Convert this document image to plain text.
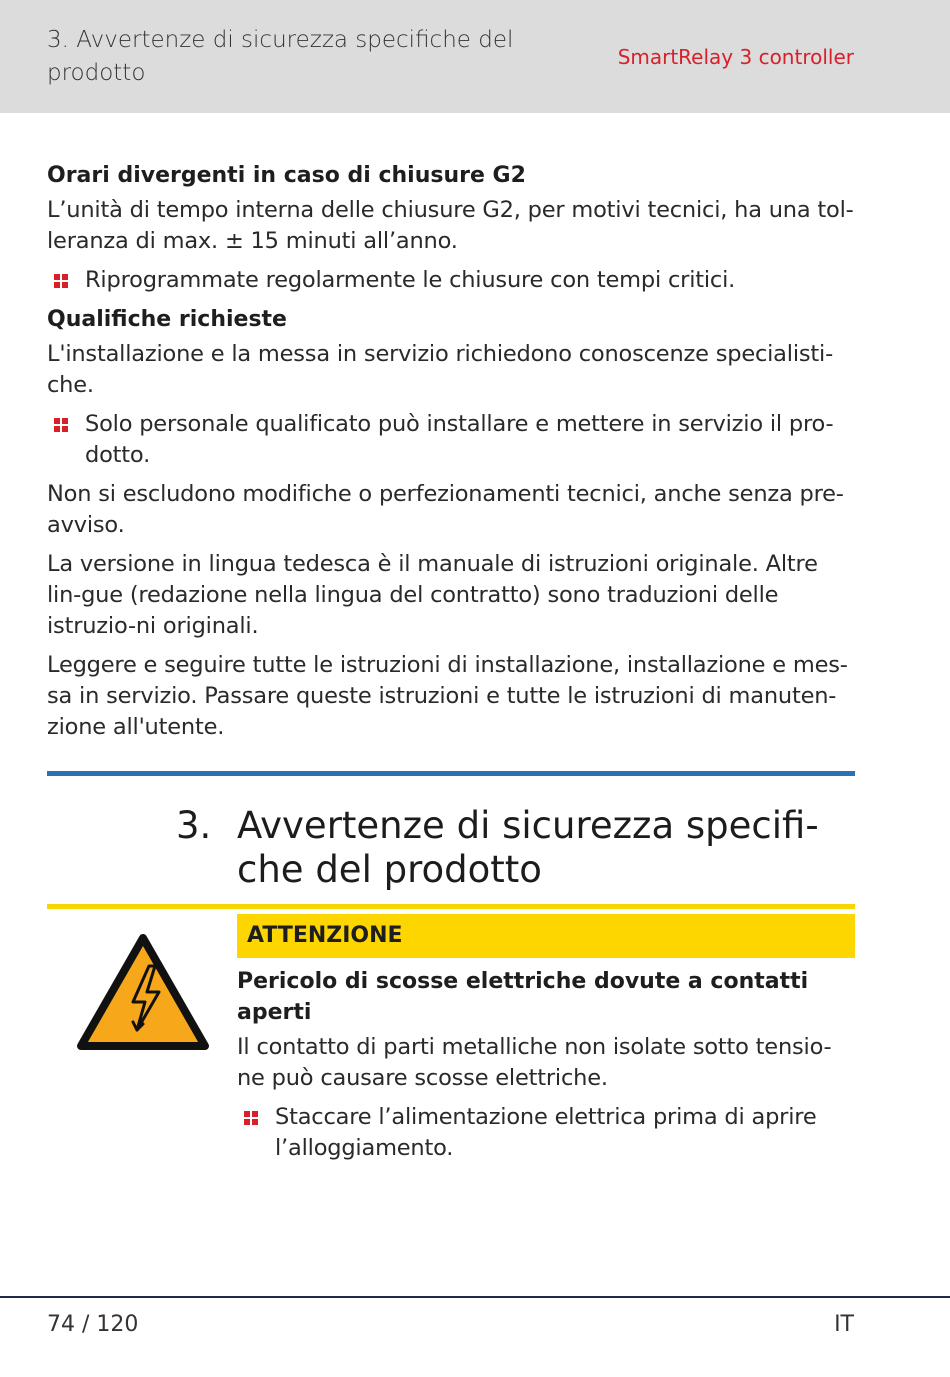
3. Avvertenze di sicurezza specifiche del prodotto
SmartRelay 3 controller
Orari divergenti in caso di chiusure G2

L’unità di tempo interna delle chiusure G2, per motivi tecnici, ha una tol-leranza di max. ± 15 minuti all’anno.

Riprogrammate regolarmente le chiusure con tempi critici.
Qualifiche richieste

L'installazione e la messa in servizio richiedono conoscenze specialisti-che.

Solo personale qualificato può installare e mettere in servizio il pro-dotto.

Non si escludono modifiche o perfezionamenti tecnici, anche senza pre-avviso.

La versione in lingua tedesca è il manuale di istruzioni originale. Altre lin-gue (redazione nella lingua del contratto) sono traduzioni delle istruzio-ni originali.

Leggere e seguire tutte le istruzioni di installazione, installazione e mes-sa in servizio. Passare queste istruzioni e tutte le istruzioni di manuten-zione all'utente.

3. Avvertenze di sicurezza specifi-che del prodotto
ATTENZIONE
Pericolo di scosse elettriche dovute a contatti aperti

Il contatto di parti metalliche non isolate sotto tensio-ne può causare scosse elettriche.

Staccare l’alimentazione elettrica prima di aprire l’alloggiamento.
74 / 120	IT
